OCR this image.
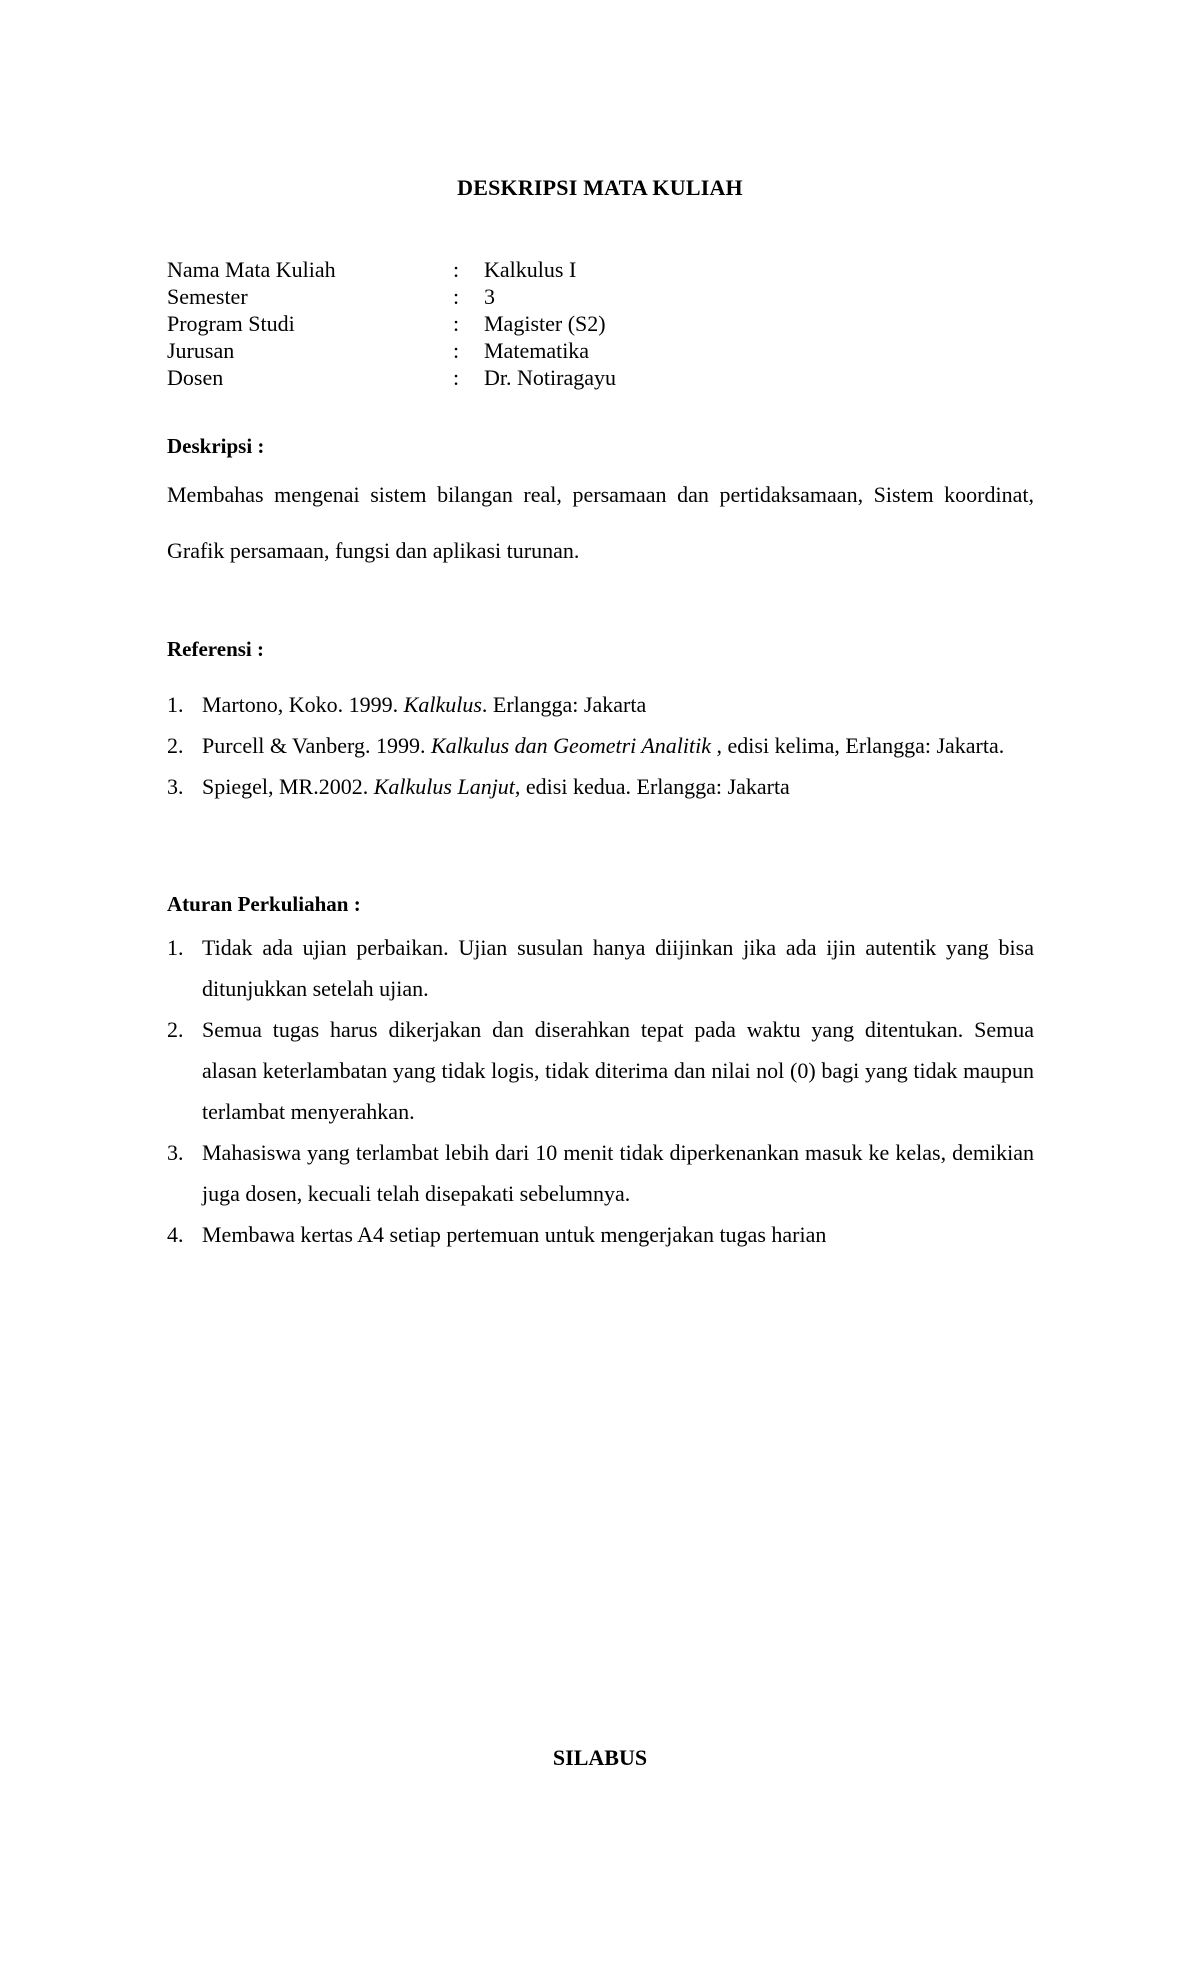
DESKRIPSI MATA KULIAH
Nama Mata Kuliah	: Kalkulus I
Semester	: 3
Program Studi	: Magister (S2)
Jurusan	: Matematika
Dosen	: Dr. Notiragayu
Deskripsi :
Membahas mengenai sistem bilangan real, persamaan dan pertidaksamaan, Sistem koordinat, Grafik persamaan, fungsi dan aplikasi turunan.
Referensi :
1. Martono, Koko. 1999. Kalkulus. Erlangga: Jakarta
2. Purcell & Vanberg. 1999. Kalkulus dan Geometri Analitik , edisi kelima, Erlangga: Jakarta.
3. Spiegel, MR.2002. Kalkulus Lanjut, edisi kedua. Erlangga: Jakarta
Aturan Perkuliahan :
1. Tidak ada ujian perbaikan. Ujian susulan hanya diijinkan jika ada ijin autentik yang bisa ditunjukkan setelah ujian.
2. Semua tugas harus dikerjakan dan diserahkan tepat pada waktu yang ditentukan. Semua alasan keterlambatan yang tidak logis, tidak diterima dan nilai nol (0) bagi yang tidak maupun terlambat menyerahkan.
3. Mahasiswa yang terlambat lebih dari 10 menit tidak diperkenankan masuk ke kelas, demikian juga dosen, kecuali telah disepakati sebelumnya.
4. Membawa kertas A4 setiap pertemuan untuk mengerjakan tugas harian
SILABUS
